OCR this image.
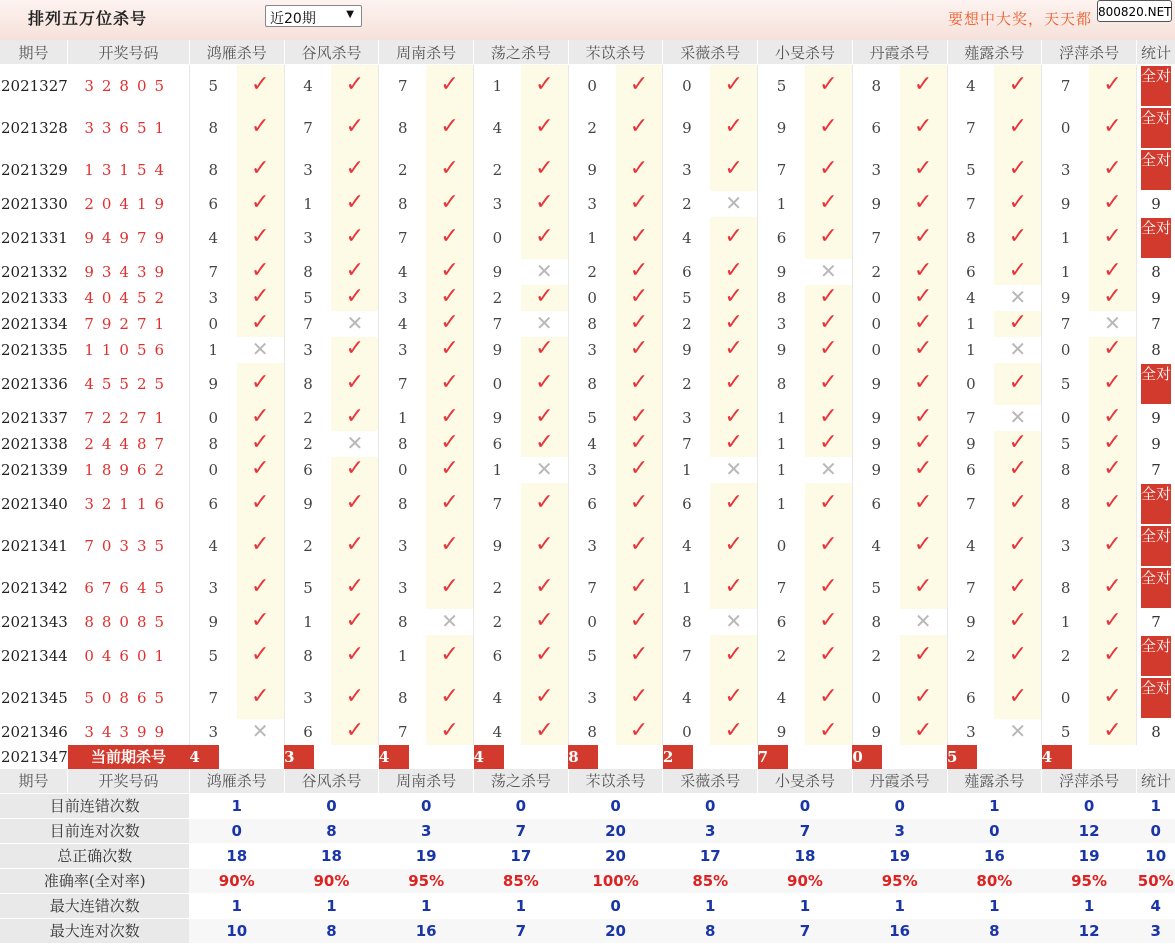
排列五万位杀号	近20期	▼	要想中大奖，天天都 800820.NET
期号	开奖号码	鸿雁杀号		谷风杀号		周南杀号		荡之杀号		芣苡杀号		采薇杀号		小旻杀号		丹霞杀号		薤露杀号		浮萍杀号		统计
2021327	32805	5	✓	4	✓	7	✓	1	✓	0	✓	0	✓	5	✓	8	✓	4	✓	7	✓	全对
2021328	33651	8	✓	7	✓	8	✓	4	✓	2	✓	9	✓	9	✓	6	✓	7	✓	0	✓	全对
2021329	13154	8	✓	3	✓	2	✓	2	✓	9	✓	3	✓	7	✓	3	✓	5	✓	3	✓	全对
2021330	20419	6	✓	1	✓	8	✓	3	✓	3	✓	2	✕	1	✓	9	✓	7	✓	9	✓	9
2021331	94979	4	✓	3	✓	7	✓	0	✓	1	✓	4	✓	6	✓	7	✓	8	✓	1	✓	全对
2021332	93439	7	✓	8	✓	4	✓	9	✕	2	✓	6	✓	9	✕	2	✓	6	✓	1	✓	8
2021333	40452	3	✓	5	✓	3	✓	2	✓	0	✓	5	✓	8	✓	0	✓	4	✕	9	✓	9
2021334	79271	0	✓	7	✕	4	✓	7	✕	8	✓	2	✓	3	✓	0	✓	1	✓	7	✕	7
2021335	11056	1	✕	3	✓	3	✓	9	✓	3	✓	9	✓	9	✓	0	✓	1	✕	0	✓	8
2021336	45525	9	✓	8	✓	7	✓	0	✓	8	✓	2	✓	8	✓	9	✓	0	✓	5	✓	全对
2021337	72271	0	✓	2	✓	1	✓	9	✓	5	✓	3	✓	1	✓	9	✓	7	✕	0	✓	9
2021338	24487	8	✓	2	✕	8	✓	6	✓	4	✓	7	✓	1	✓	9	✓	9	✓	5	✓	9
2021339	18962	0	✓	6	✓	0	✓	1	✕	3	✓	1	✕	1	✕	9	✓	6	✓	8	✓	7
2021340	32116	6	✓	9	✓	8	✓	7	✓	6	✓	6	✓	1	✓	6	✓	7	✓	8	✓	全对
2021341	70335	4	✓	2	✓	3	✓	9	✓	3	✓	4	✓	0	✓	4	✓	4	✓	3	✓	全对
2021342	67645	3	✓	5	✓	3	✓	2	✓	7	✓	1	✓	7	✓	5	✓	7	✓	8	✓	全对
2021343	88085	9	✓	1	✓	8	✕	2	✓	0	✓	8	✕	6	✓	8	✕	9	✓	1	✓	7
2021344	04601	5	✓	8	✓	1	✓	6	✓	5	✓	7	✓	2	✓	2	✓	2	✓	2	✓	全对
2021345	50865	7	✓	3	✓	8	✓	4	✓	3	✓	4	✓	4	✓	0	✓	6	✓	0	✓	全对
2021346	34399	3	✕	6	✓	7	✓	4	✓	8	✓	0	✓	9	✓	9	✓	3	✕	5	✓	8
2021347	当前期杀号	4		3		4		4		8		2		7		0		5		4		
期号	开奖号码	鸿雁杀号		谷风杀号		周南杀号		荡之杀号		芣苡杀号		采薇杀号		小旻杀号		丹霞杀号		薤露杀号		浮萍杀号		统计
目前连错次数		1		0		0		0		0		0		0		0		1		0		1
目前连对次数		0		8		3		7		20		3		7		3		0		12		0
总正确次数		18		18		19		17		20		17		18		19		16		19		10
准确率(全对率)		90%		90%		95%		85%		100%		85%		90%		95%		80%		95%		50%
最大连错次数		1		1		1		1		0		1		1		1		1		1		4
最大连对次数		10		8		16		7		20		8		7		16		8		12		3
